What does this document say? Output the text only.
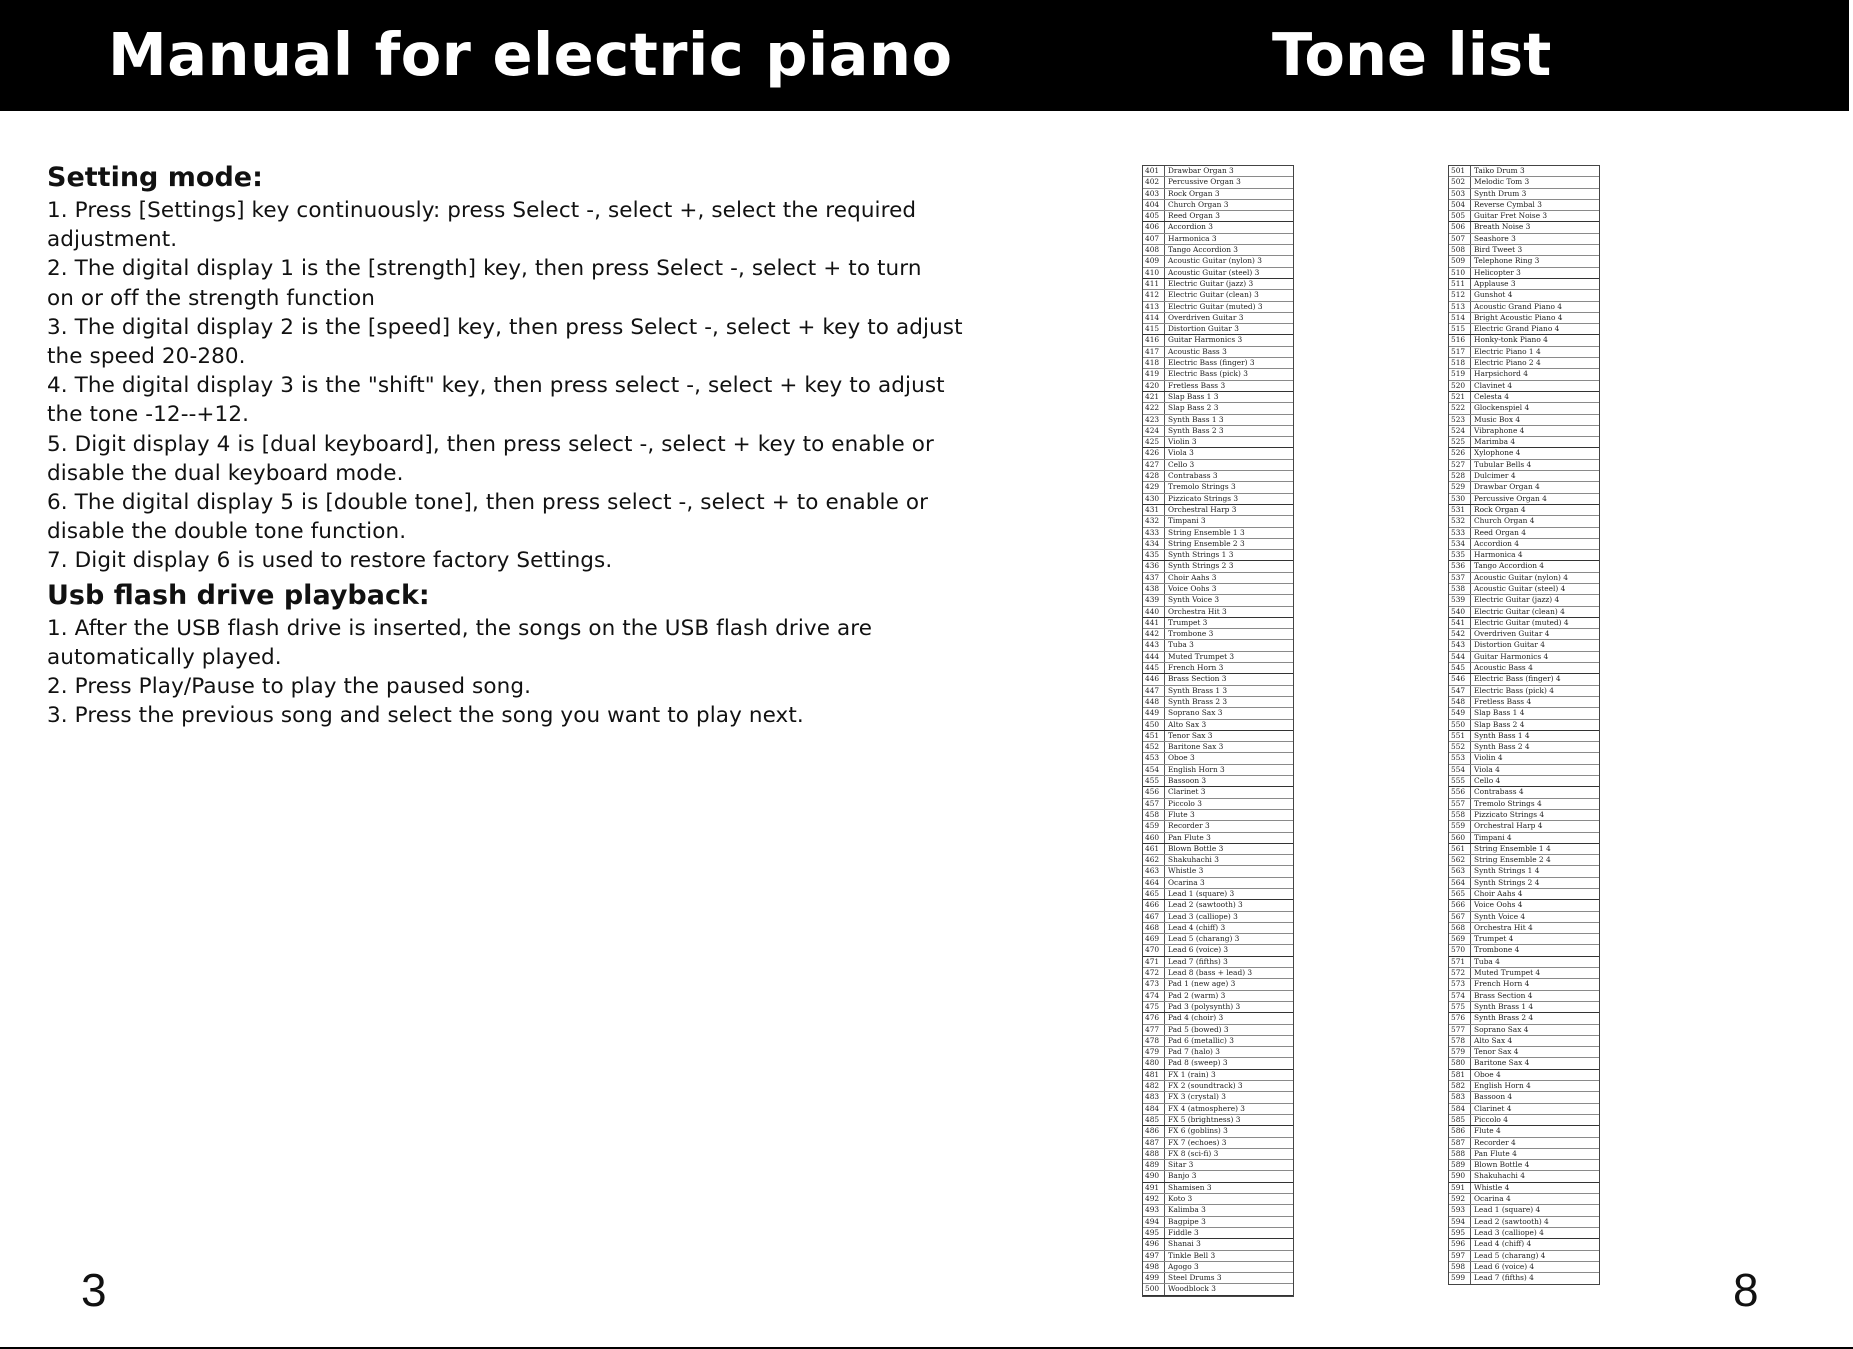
Manual for electric piano	Tone list
Setting mode:
1. Press [Settings] key continuously: press Select -, select +, select the required
adjustment.
2. The digital display 1 is the [strength] key, then press Select -, select + to turn
on or off the strength function
3. The digital display 2 is the [speed] key, then press Select -, select + key to adjust
the speed 20-280.
4. The digital display 3 is the "shift" key, then press select -, select + key to adjust
the tone -12--+12.
5. Digit display 4 is [dual keyboard], then press select -, select + key to enable or
disable the dual keyboard mode.
6. The digital display 5 is [double tone], then press select -, select + to enable or
disable the double tone function.
7. Digit display 6 is used to restore factory Settings.
Usb flash drive playback:
1. After the USB flash drive is inserted, the songs on the USB flash drive are
automatically played.
2. Press Play/Pause to play the paused song.
3. Press the previous song and select the song you want to play next.
401	Drawbar Organ 3
402	Percussive Organ 3
403	Rock Organ 3
404	Church Organ 3
405	Reed Organ 3
406	Accordion 3
407	Harmonica 3
408	Tango Accordion 3
409	Acoustic Guitar (nylon) 3
410	Acoustic Guitar (steel) 3
411	Electric Guitar (jazz) 3
412	Electric Guitar (clean) 3
413	Electric Guitar (muted) 3
414	Overdriven Guitar 3
415	Distortion Guitar 3
416	Guitar Harmonics 3
417	Acoustic Bass 3
418	Electric Bass (finger) 3
419	Electric Bass (pick) 3
420	Fretless Bass 3
421	Slap Bass 1 3
422	Slap Bass 2 3
423	Synth Bass 1 3
424	Synth Bass 2 3
425	Violin 3
426	Viola 3
427	Cello 3
428	Contrabass 3
429	Tremolo Strings 3
430	Pizzicato Strings 3
431	Orchestral Harp 3
432	Timpani 3
433	String Ensemble 1 3
434	String Ensemble 2 3
435	Synth Strings 1 3
436	Synth Strings 2 3
437	Choir Aahs 3
438	Voice Oohs 3
439	Synth Voice 3
440	Orchestra Hit 3
441	Trumpet 3
442	Trombone 3
443	Tuba 3
444	Muted Trumpet 3
445	French Horn 3
446	Brass Section 3
447	Synth Brass 1 3
448	Synth Brass 2 3
449	Soprano Sax 3
450	Alto Sax 3
451	Tenor Sax 3
452	Baritone Sax 3
453	Oboe 3
454	English Horn 3
455	Bassoon 3
456	Clarinet 3
457	Piccolo 3
458	Flute 3
459	Recorder 3
460	Pan Flute 3
461	Blown Bottle 3
462	Shakuhachi 3
463	Whistle 3
464	Ocarina 3
465	Lead 1 (square) 3
466	Lead 2 (sawtooth) 3
467	Lead 3 (calliope) 3
468	Lead 4 (chiff) 3
469	Lead 5 (charang) 3
470	Lead 6 (voice) 3
471	Lead 7 (fifths) 3
472	Lead 8 (bass + lead) 3
473	Pad 1 (new age) 3
474	Pad 2 (warm) 3
475	Pad 3 (polysynth) 3
476	Pad 4 (choir) 3
477	Pad 5 (bowed) 3
478	Pad 6 (metallic) 3
479	Pad 7 (halo) 3
480	Pad 8 (sweep) 3
481	FX 1 (rain) 3
482	FX 2 (soundtrack) 3
483	FX 3 (crystal) 3
484	FX 4 (atmosphere) 3
485	FX 5 (brightness) 3
486	FX 6 (goblins) 3
487	FX 7 (echoes) 3
488	FX 8 (sci-fi) 3
489	Sitar 3
490	Banjo 3
491	Shamisen 3
492	Koto 3
493	Kalimba 3
494	Bagpipe 3
495	Fiddle 3
496	Shanai 3
497	Tinkle Bell 3
498	Agogo 3
499	Steel Drums 3
500	Woodblock 3
501	Taiko Drum 3
502	Melodic Tom 3
503	Synth Drum 3
504	Reverse Cymbal 3
505	Guitar Fret Noise 3
506	Breath Noise 3
507	Seashore 3
508	Bird Tweet 3
509	Telephone Ring 3
510	Helicopter 3
511	Applause 3
512	Gunshot 4
513	Acoustic Grand Piano 4
514	Bright Acoustic Piano 4
515	Electric Grand Piano 4
516	Honky-tonk Piano 4
517	Electric Piano 1 4
518	Electric Piano 2 4
519	Harpsichord 4
520	Clavinet 4
521	Celesta 4
522	Glockenspiel 4
523	Music Box 4
524	Vibraphone 4
525	Marimba 4
526	Xylophone 4
527	Tubular Bells 4
528	Dulcimer 4
529	Drawbar Organ 4
530	Percussive Organ 4
531	Rock Organ 4
532	Church Organ 4
533	Reed Organ 4
534	Accordion 4
535	Harmonica 4
536	Tango Accordion 4
537	Acoustic Guitar (nylon) 4
538	Acoustic Guitar (steel) 4
539	Electric Guitar (jazz) 4
540	Electric Guitar (clean) 4
541	Electric Guitar (muted) 4
542	Overdriven Guitar 4
543	Distortion Guitar 4
544	Guitar Harmonics 4
545	Acoustic Bass 4
546	Electric Bass (finger) 4
547	Electric Bass (pick) 4
548	Fretless Bass 4
549	Slap Bass 1 4
550	Slap Bass 2 4
551	Synth Bass 1 4
552	Synth Bass 2 4
553	Violin 4
554	Viola 4
555	Cello 4
556	Contrabass 4
557	Tremolo Strings 4
558	Pizzicato Strings 4
559	Orchestral Harp 4
560	Timpani 4
561	String Ensemble 1 4
562	String Ensemble 2 4
563	Synth Strings 1 4
564	Synth Strings 2 4
565	Choir Aahs 4
566	Voice Oohs 4
567	Synth Voice 4
568	Orchestra Hit 4
569	Trumpet 4
570	Trombone 4
571	Tuba 4
572	Muted Trumpet 4
573	French Horn 4
574	Brass Section 4
575	Synth Brass 1 4
576	Synth Brass 2 4
577	Soprano Sax 4
578	Alto Sax 4
579	Tenor Sax 4
580	Baritone Sax 4
581	Oboe 4
582	English Horn 4
583	Bassoon 4
584	Clarinet 4
585	Piccolo 4
586	Flute 4
587	Recorder 4
588	Pan Flute 4
589	Blown Bottle 4
590	Shakuhachi 4
591	Whistle 4
592	Ocarina 4
593	Lead 1 (square) 4
594	Lead 2 (sawtooth) 4
595	Lead 3 (calliope) 4
596	Lead 4 (chiff) 4
597	Lead 5 (charang) 4
598	Lead 6 (voice) 4
599	Lead 7 (fifths) 4
3	8
